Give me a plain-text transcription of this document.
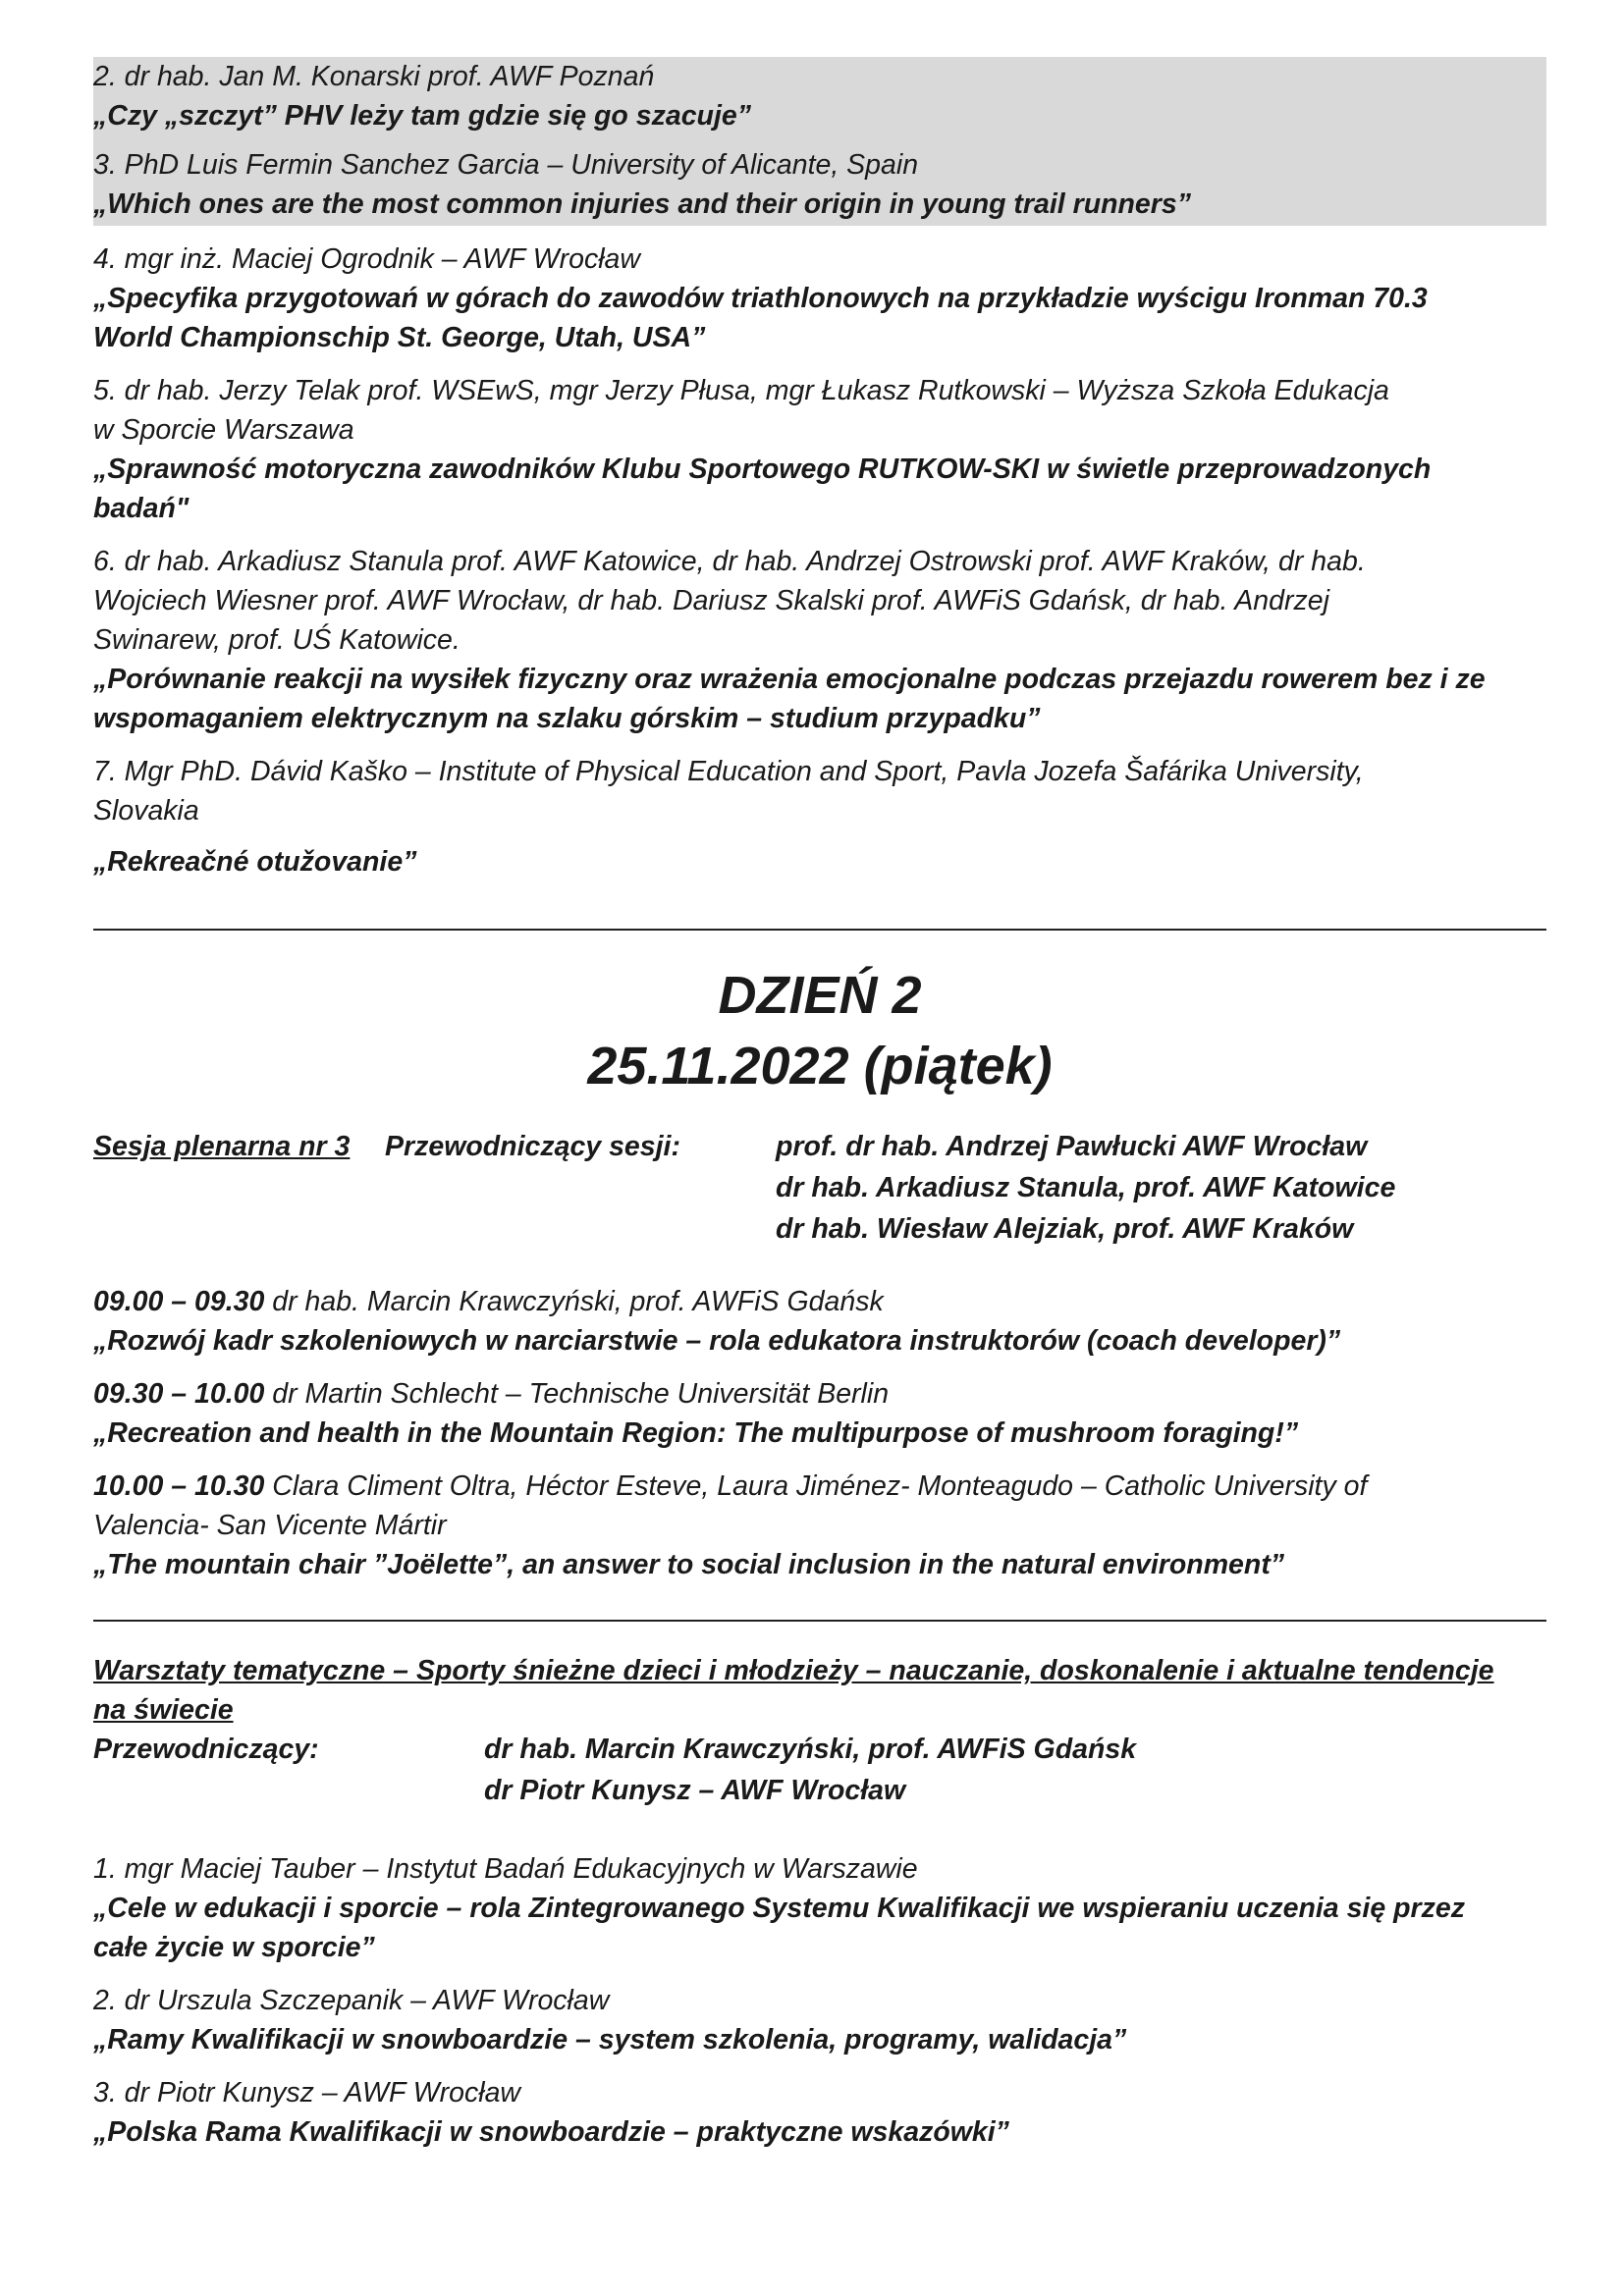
2. dr hab. Jan M. Konarski prof. AWF Poznań

„Czy „szczyt” PHV leży tam gdzie się go szacuje”

3. PhD Luis Fermin Sanchez Garcia – University of Alicante, Spain

„Which ones are the most common injuries and their origin in young trail runners”

4. mgr inż. Maciej Ogrodnik – AWF Wrocław

„Specyfika przygotowań w górach do zawodów triathlonowych na przykładzie wyścigu Ironman 70.3

World Championschip St. George, Utah, USA”

5. dr hab. Jerzy Telak prof. WSEwS, mgr Jerzy Płusa, mgr Łukasz Rutkowski – Wyższa Szkoła Edukacja

w Sporcie Warszawa

„Sprawność motoryczna zawodników Klubu Sportowego RUTKOW-SKI w świetle przeprowadzonych

badań"

6. dr hab. Arkadiusz Stanula prof. AWF Katowice, dr hab. Andrzej Ostrowski prof. AWF Kraków, dr hab.

Wojciech Wiesner prof. AWF Wrocław, dr hab. Dariusz Skalski prof. AWFiS Gdańsk, dr hab. Andrzej

Swinarew, prof. UŚ Katowice.

„Porównanie reakcji na wysiłek fizyczny oraz wrażenia emocjonalne podczas przejazdu rowerem bez i ze

wspomaganiem elektrycznym na szlaku górskim – studium przypadku”

7. Mgr PhD. Dávid Kaško – Institute of Physical Education and Sport, Pavla Jozefa Šafárika University,

Slovakia

„Rekreačné otužovanie”

DZIEŃ 2

25.11.2022 (piątek)

Sesja plenarna nr 3 Przewodniczący sesji:	prof. dr hab. Andrzej Pawłucki AWF Wrocław
dr hab. Arkadiusz Stanula, prof. AWF Katowice
dr hab. Wiesław Alejziak, prof. AWF Kraków

09.00 – 09.30 dr hab. Marcin Krawczyński, prof. AWFiS Gdańsk

„Rozwój kadr szkoleniowych w narciarstwie – rola edukatora instruktorów (coach developer)”

09.30 – 10.00 dr Martin Schlecht – Technische Universität Berlin

„Recreation and health in the Mountain Region: The multipurpose of mushroom foraging!”

10.00 – 10.30 Clara Climent Oltra, Héctor Esteve, Laura Jiménez- Monteagudo – Catholic University of

Valencia- San Vicente Mártir

„The mountain chair ”Joëlette”, an answer to social inclusion in the natural environment”

Warsztaty tematyczne – Sporty śnieżne dzieci i młodzieży – nauczanie, doskonalenie i aktualne tendencje

na świecie

Przewodniczący:	dr hab. Marcin Krawczyński, prof. AWFiS Gdańsk
dr Piotr Kunysz – AWF Wrocław

1. mgr Maciej Tauber – Instytut Badań Edukacyjnych w Warszawie

„Cele w edukacji i sporcie – rola Zintegrowanego Systemu Kwalifikacji we wspieraniu uczenia się przez

całe życie w sporcie”

2. dr Urszula Szczepanik – AWF Wrocław

„Ramy Kwalifikacji w snowboardzie – system szkolenia, programy, walidacja”

3. dr Piotr Kunysz – AWF Wrocław

„Polska Rama Kwalifikacji w snowboardzie – praktyczne wskazówki”
